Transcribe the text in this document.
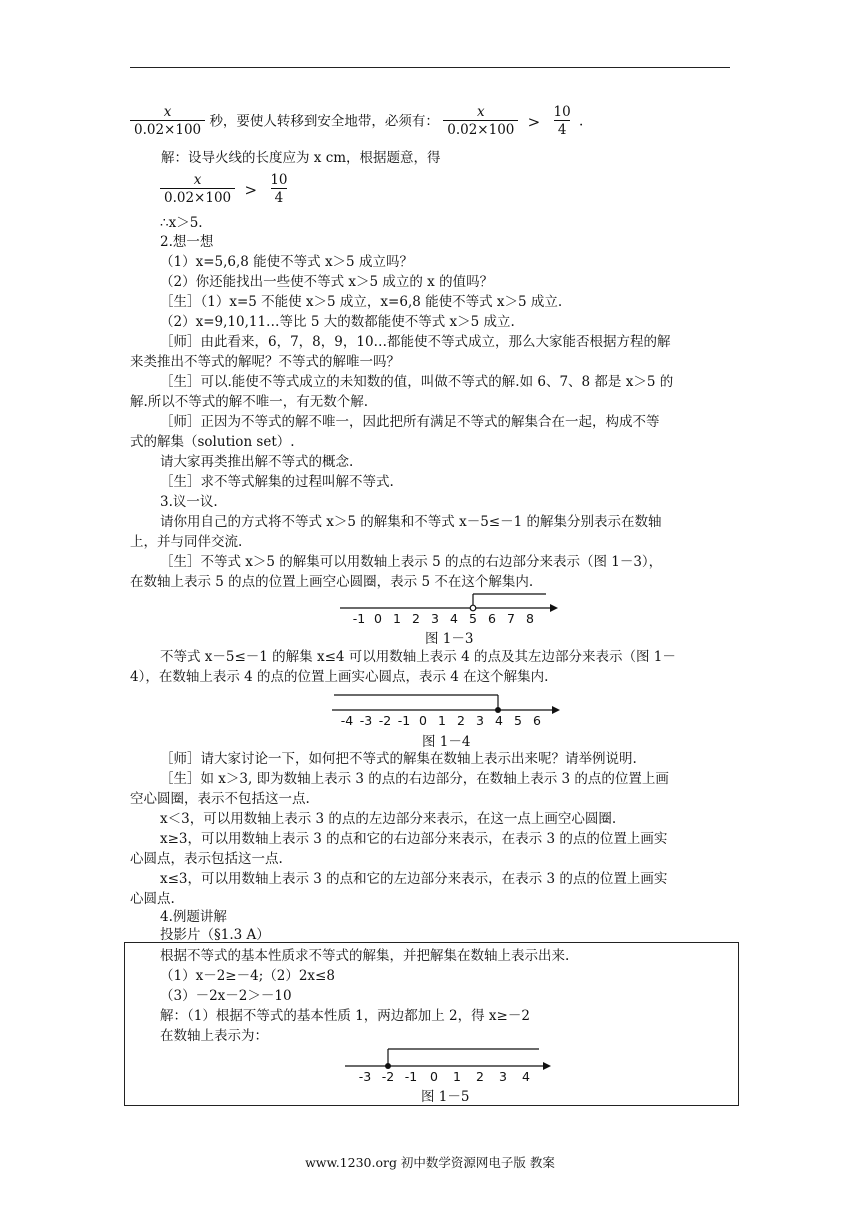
$\frac{x}{0.02\times 100}$ 秒，要使人转移到安全地带，必须有： $\frac{x}{0.02\times 100} > \frac{10}{4}$ .
解：设导火线的长度应为 x cm，根据题意，得
$\frac{x}{0.02\times 100} > \frac{10}{4}$
∴x＞5.
2.想一想
（1）x=5,6,8 能使不等式 x＞5 成立吗？
（2）你还能找出一些使不等式 x＞5 成立的 x 的值吗？
［生］（1）x=5 不能使 x＞5 成立，x=6,8 能使不等式 x＞5 成立.
（2）x=9,10,11…等比 5 大的数都能使不等式 x＞5 成立.
［师］由此看来，6，7，8，9，10…都能使不等式成立，那么大家能否根据方程的解
来类推出不等式的解呢？不等式的解唯一吗？
［生］可以.能使不等式成立的未知数的值，叫做不等式的解.如 6、7、8 都是 x＞5 的
解.所以不等式的解不唯一，有无数个解.
［师］正因为不等式的解不唯一，因此把所有满足不等式的解集合在一起，构成不等
式的解集（solution set）.
请大家再类推出解不等式的概念.
［生］求不等式解集的过程叫解不等式.
3.议一议.
请你用自己的方式将不等式 x＞5 的解集和不等式 x－5≤－1 的解集分别表示在数轴
上，并与同伴交流.
［生］不等式 x＞5 的解集可以用数轴上表示 5 的点的右边部分来表示（图 1－3），
在数轴上表示 5 的点的位置上画空心圆圈，表示 5 不在这个解集内.
-1 0 1 2 3 4 5 6 7 8
图 1－3
不等式 x－5≤－1 的解集 x≤4 可以用数轴上表示 4 的点及其左边部分来表示（图 1－
4），在数轴上表示 4 的点的位置上画实心圆点，表示 4 在这个解集内.
-4 -3 -2 -1 0 1 2 3 4 5 6
图 1－4
［师］请大家讨论一下，如何把不等式的解集在数轴上表示出来呢？请举例说明.
［生］如 x＞3, 即为数轴上表示 3 的点的右边部分，在数轴上表示 3 的点的位置上画
空心圆圈，表示不包括这一点.
x＜3，可以用数轴上表示 3 的点的左边部分来表示，在这一点上画空心圆圈.
x≥3，可以用数轴上表示 3 的点和它的右边部分来表示，在表示 3 的点的位置上画实
心圆点，表示包括这一点.
x≤3，可以用数轴上表示 3 的点和它的左边部分来表示，在表示 3 的点的位置上画实
心圆点.
4.例题讲解
投影片（§1.3 A）
根据不等式的基本性质求不等式的解集，并把解集在数轴上表示出来.
（1）x－2≥－4;（2）2x≤8
（3）－2x－2＞－10
解：（1）根据不等式的基本性质 1，两边都加上 2，得 x≥－2
在数轴上表示为：
-3 -2 -1 0 1 2 3 4
图 1－5
www.1230.org 初中数学资源网电子版 教案
